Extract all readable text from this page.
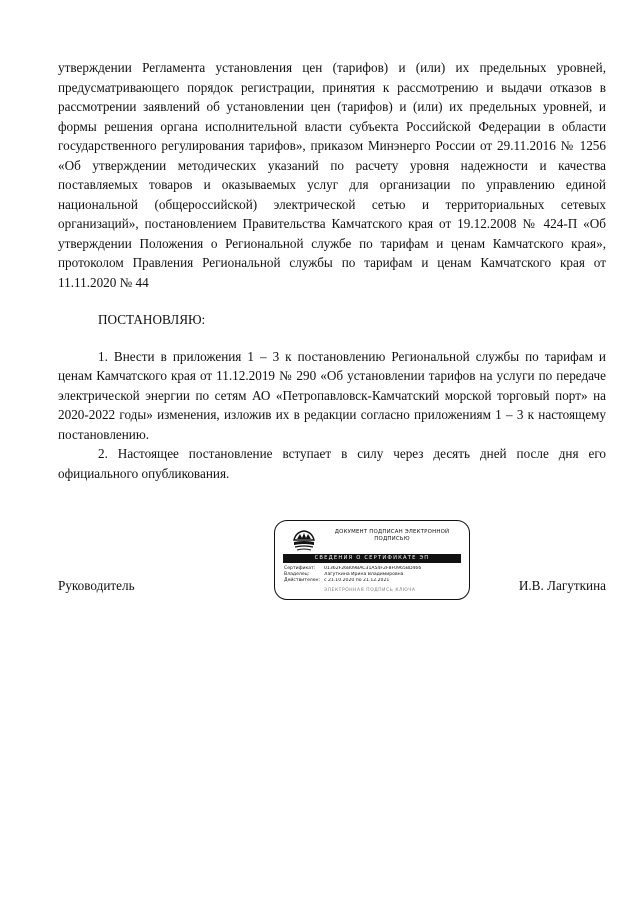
утверждении Регламента установления цен (тарифов) и (или) их предельных уровней, предусматривающего порядок регистрации, принятия к рассмотрению и выдачи отказов в рассмотрении заявлений об установлении цен (тарифов) и (или) их предельных уровней, и формы решения органа исполнительной власти субъекта Российской Федерации в области государственного регулирования тарифов», приказом Минэнерго России от 29.11.2016 № 1256 «Об утверждении методических указаний по расчету уровня надежности и качества поставляемых товаров и оказываемых услуг для организации по управлению единой национальной (общероссийской) электрической сетью и территориальных сетевых организаций», постановлением Правительства Камчатского края от 19.12.2008 № 424-П «Об утверждении Положения о Региональной службе по тарифам и ценам Камчатского края», протоколом Правления Региональной службы по тарифам и ценам Камчатского края от 11.11.2020 № 44

ПОСТАНОВЛЯЮ:

1. Внести в приложения 1 – 3 к постановлению Региональной службы по тарифам и ценам Камчатского края от 11.12.2019 № 290 «Об установлении тарифов на услуги по передаче электрической энергии по сетям АО «Петропавловск-Камчатский морской торговый порт» на 2020-2022 годы» изменения, изложив их в редакции согласно приложениям 1 – 3 к настоящему постановлению.

2. Настоящее постановление вступает в силу через десять дней после дня его официального опубликования.

Руководитель
ДОКУМЕНТ ПОДПИСАН ЭЛЕКТРОННОЙ ПОДПИСЬЮ
СВЕДЕНИЯ О СЕРТИФИКАТЕ ЭП
Сертификат:	01362F26B09BAC31A54F2F8F0965BD466
Владелец:	Лагуткина Ирина Владимировна
Действителен: с 21.10.2020 по 21.12.2021
ЭЛЕКТРОННАЯ ПОДПИСЬ КЛЮЧА	И.В. Лагуткина
